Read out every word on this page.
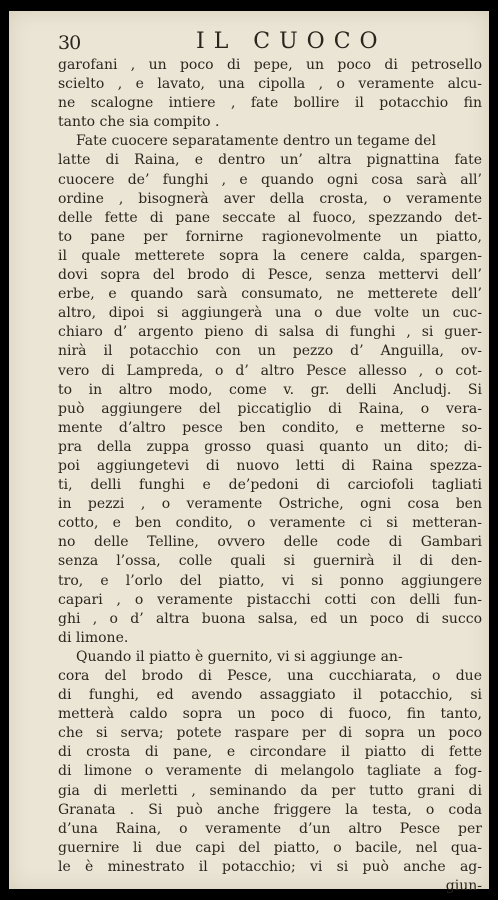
30	IL CUOCO
garofani , un poco di pepe, un poco di petrosello
scielto , e lavato, una cipolla , o veramente alcu-
ne scalogne intiere , fate bollire il potacchio fin
tanto che sia compito .
Fate cuocere separatamente dentro un tegame del
latte di Raina, e dentro un’ altra pignattina fate
cuocere de’ funghi , e quando ogni cosa sarà all’
ordine , bisognerà aver della crosta, o veramente
delle fette di pane seccate al fuoco, spezzando det-
to pane per fornirne ragionevolmente un piatto,
il quale metterete sopra la cenere calda, spargen-
dovi sopra del brodo di Pesce, senza mettervi dell’
erbe, e quando sarà consumato, ne metterete dell’
altro, dipoi si aggiungerà una o due volte un cuc-
chiaro d’ argento pieno di salsa di funghi , si guer-
nirà il potacchio con un pezzo d’ Anguilla, ov-
vero di Lampreda, o d’ altro Pesce allesso , o cot-
to in altro modo, come v. gr. delli Ancludj. Si
può aggiungere del piccatiglio di Raina, o vera-
mente d’altro pesce ben condito, e metterne so-
pra della zuppa grosso quasi quanto un dito; di-
poi aggiungetevi di nuovo letti di Raina spezza-
ti, delli funghi e de’pedoni di carciofoli tagliati
in pezzi , o veramente Ostriche, ogni cosa ben
cotto, e ben condito, o veramente ci si metteran-
no delle Telline, ovvero delle code di Gambari
senza l’ossa, colle quali si guernirà il di den-
tro, e l’orlo del piatto, vi si ponno aggiungere
capari , o veramente pistacchi cotti con delli fun-
ghi , o d’ altra buona salsa, ed un poco di succo
di limone.
Quando il piatto è guernito, vi si aggiunge an-
cora del brodo di Pesce, una cucchiarata, o due
di funghi, ed avendo assaggiato il potacchio, si
metterà caldo sopra un poco di fuoco, fin tanto,
che si serva; potete raspare per di sopra un poco
di crosta di pane, e circondare il piatto di fette
di limone o veramente di melangolo tagliate a fog-
gia di merletti , seminando da per tutto grani di
Granata . Si può anche friggere la testa, o coda
d’una Raina, o veramente d’un altro Pesce per
guernire li due capi del piatto, o bacile, nel qua-
le è minestrato il potacchio; vi si può anche ag-
giun-
